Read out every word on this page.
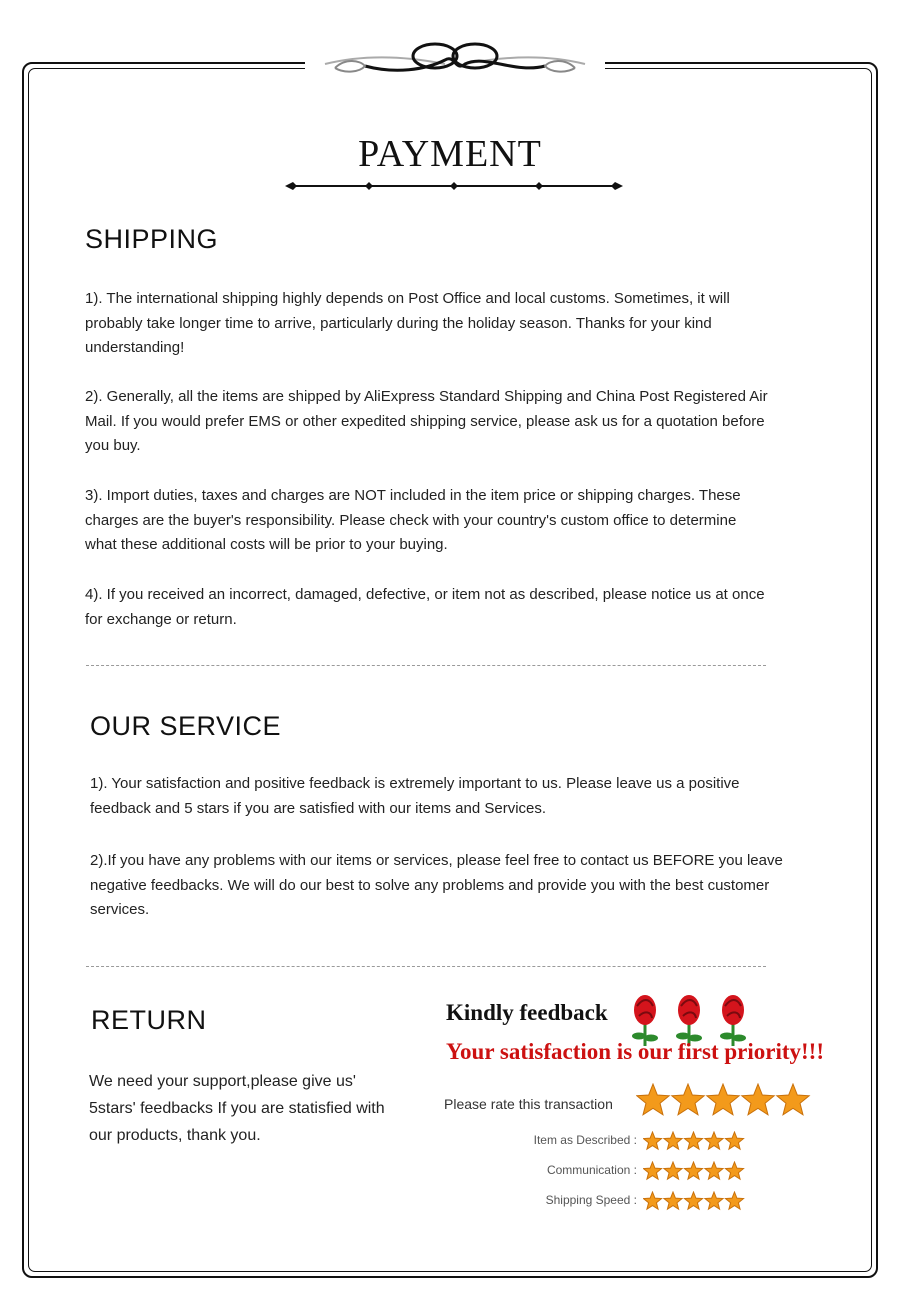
PAYMENT
SHIPPING

1). The international shipping highly depends on Post Office and local customs. Sometimes, it will probably take longer time to arrive, particularly during the holiday season. Thanks for your kind understanding!

2). Generally, all the items are shipped by AliExpress Standard Shipping and China Post Registered Air Mail. If you would prefer EMS or other expedited shipping service, please ask us for a quotation before you buy.

3). Import duties, taxes and charges are NOT included in the item price or shipping charges. These charges are the buyer's responsibility. Please check with your country's custom office to determine what these additional costs will be prior to your buying.

4). If you received an incorrect, damaged, defective, or item not as described, please notice us at once for exchange or return.

OUR SERVICE

1). Your satisfaction and positive feedback is extremely important to us. Please leave us a positive feedback and 5 stars if you are satisfied with our items and Services.

2).If you have any problems with our items or services, please feel free to contact us BEFORE you leave negative feedbacks. We will do our best to solve any problems and provide you with the best customer services.

RETURN

We need your support,please give us' 5stars' feedbacks If you are statisfied with our products, thank you.

Kindly feedback
Your satisfaction is our first priority!!!
Please rate this transaction
Item as Described :
Communication :
Shipping Speed :
